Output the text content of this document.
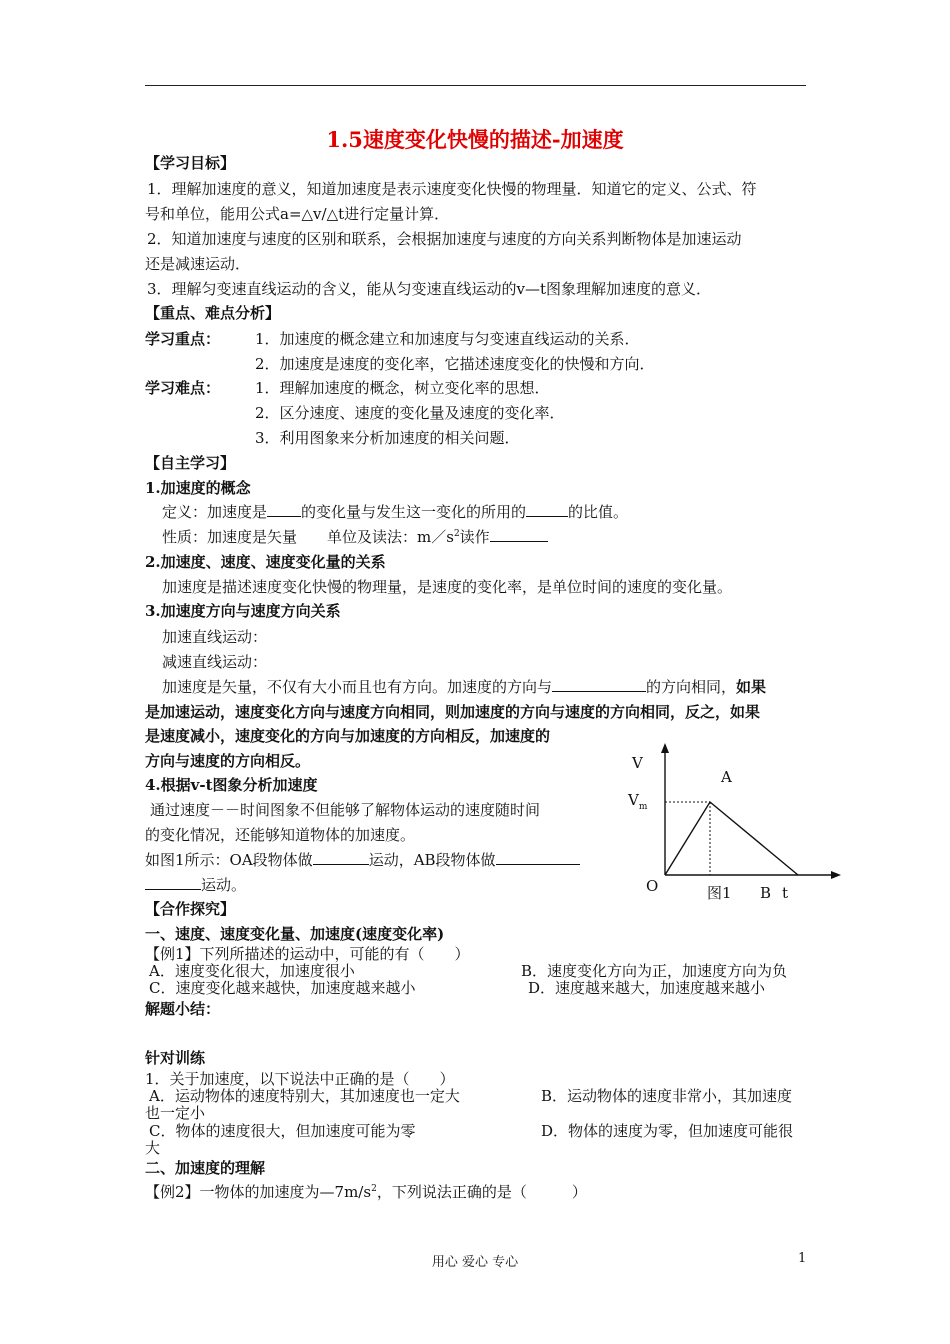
1.5速度变化快慢的描述-加速度
【学习目标】
1．理解加速度的意义，知道加速度是表示速度变化快慢的物理量．知道它的定义、公式、符
号和单位，能用公式a=△v/△t进行定量计算．
2．知道加速度与速度的区别和联系，会根据加速度与速度的方向关系判断物体是加速运动
还是减速运动．
3．理解匀变速直线运动的含义，能从匀变速直线运动的v—t图象理解加速度的意义．
【重点、难点分析】
学习重点： 1．加速度的概念建立和加速度与匀变速直线运动的关系．
2．加速度是速度的变化率，它描述速度变化的快慢和方向．
学习难点： 1．理解加速度的概念，树立变化率的思想．
2．区分速度、速度的变化量及速度的变化率．
3．利用图象来分析加速度的相关问题．
【自主学习】
1.加速度的概念
定义：加速度是 的变化量与发生这一变化的所用的	的比值。
性质：加速度是矢量　　单位及读法：$m/s^2$读作
2.加速度、速度、速度变化量的关系
加速度是描述速度变化快慢的物理量，是速度的变化率，是单位时间的速度的变化量。
3.加速度方向与速度方向关系
加速直线运动：
减速直线运动：
加速度是矢量，不仅有大小而且也有方向。加速度的方向与	的方向相同，如果
是加速运动，速度变化方向与速度方向相同，则加速度的方向与速度的方向相同，反之，如果
是速度减小，速度变化的方向与加速度的方向相反，加速度的
方向与速度的方向相反。
4.根据v-t图象分析加速度
通过速度－－时间图象不但能够了解物体运动的速度随时间
的变化情况，还能够知道物体的加速度。
如图1所示：OA段物体做	运动，AB段物体做
运动。
V
A
$V_m$
O	图1 B t
【合作探究】
一、速度、速度变化量、加速度(速度变化率)
【例1】下列所描述的运动中，可能的有（　　）
A．速度变化很大，加速度很小	B．速度变化方向为正，加速度方向为负
C．速度变化越来越快，加速度越来越小	D．速度越来越大，加速度越来越小
解题小结：
针对训练
1．关于加速度，以下说法中正确的是（　　）
A．运动物体的速度特别大，其加速度也一定大	B．运动物体的速度非常小，其加速度
也一定小
C．物体的速度很大，但加速度可能为零	D．物体的速度为零，但加速度可能很
大
二、加速度的理解
【例2】一物体的加速度为$—7m/s^2$，下列说法正确的是（　　　）
用心 爱心 专心	1
